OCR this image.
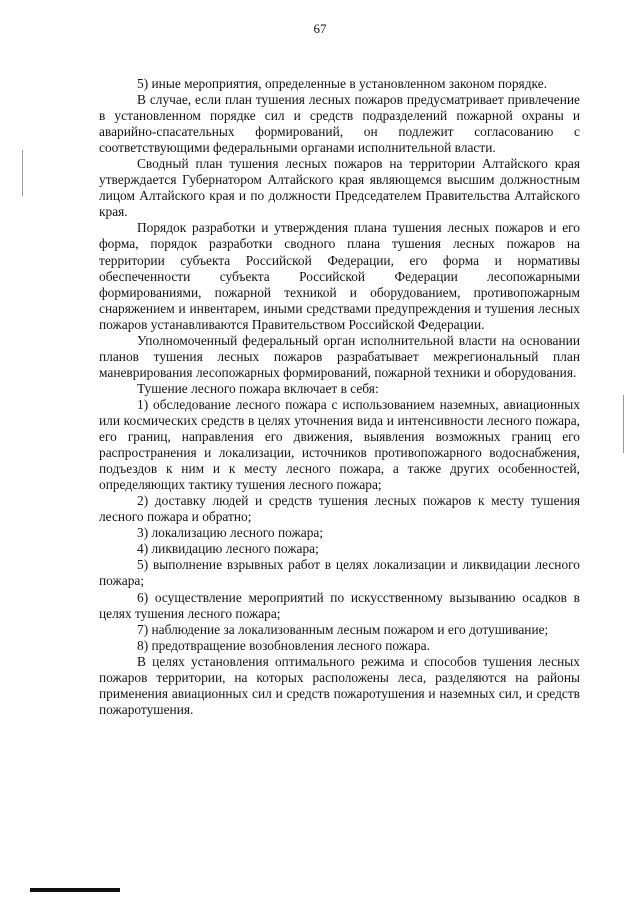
67

5) иные мероприятия, определенные в установленном законом порядке.

В случае, если план тушения лесных пожаров предусматривает привлечение в установленном порядке сил и средств подразделений пожарной охраны и аварийно-спасательных формирований, он подлежит согласованию с соответствующими федеральными органами исполнительной власти.

Сводный план тушения лесных пожаров на территории Алтайского края утверждается Губернатором Алтайского края являющемся высшим должностным лицом Алтайского края и по должности Председателем Правительства Алтайского края.

Порядок разработки и утверждения плана тушения лесных пожаров и его форма, порядок разработки сводного плана тушения лесных пожаров на территории субъекта Российской Федерации, его форма и нормативы обеспеченности субъекта Российской Федерации лесопожарными формированиями, пожарной техникой и оборудованием, противопожарным снаряжением и инвентарем, иными средствами предупреждения и тушения лесных пожаров устанавливаются Правительством Российской Федерации.

Уполномоченный федеральный орган исполнительной власти на основании планов тушения лесных пожаров разрабатывает межрегиональный план маневрирования лесопожарных формирований, пожарной техники и оборудования.

Тушение лесного пожара включает в себя:

1) обследование лесного пожара с использованием наземных, авиационных или космических средств в целях уточнения вида и интенсивности лесного пожара, его границ, направления его движения, выявления возможных границ его распространения и локализации, источников противопожарного водоснабжения, подъездов к ним и к месту лесного пожара, а также других особенностей, определяющих тактику тушения лесного пожара;

2) доставку людей и средств тушения лесных пожаров к месту тушения лесного пожара и обратно;

3) локализацию лесного пожара;

4) ликвидацию лесного пожара;

5) выполнение взрывных работ в целях локализации и ликвидации лесного пожара;

6) осуществление мероприятий по искусственному вызыванию осадков в целях тушения лесного пожара;

7) наблюдение за локализованным лесным пожаром и его дотушивание;

8) предотвращение возобновления лесного пожара.

В целях установления оптимального режима и способов тушения лесных пожаров территории, на которых расположены леса, разделяются на районы применения авиационных сил и средств пожаротушения и наземных сил, и средств пожаротушения.
